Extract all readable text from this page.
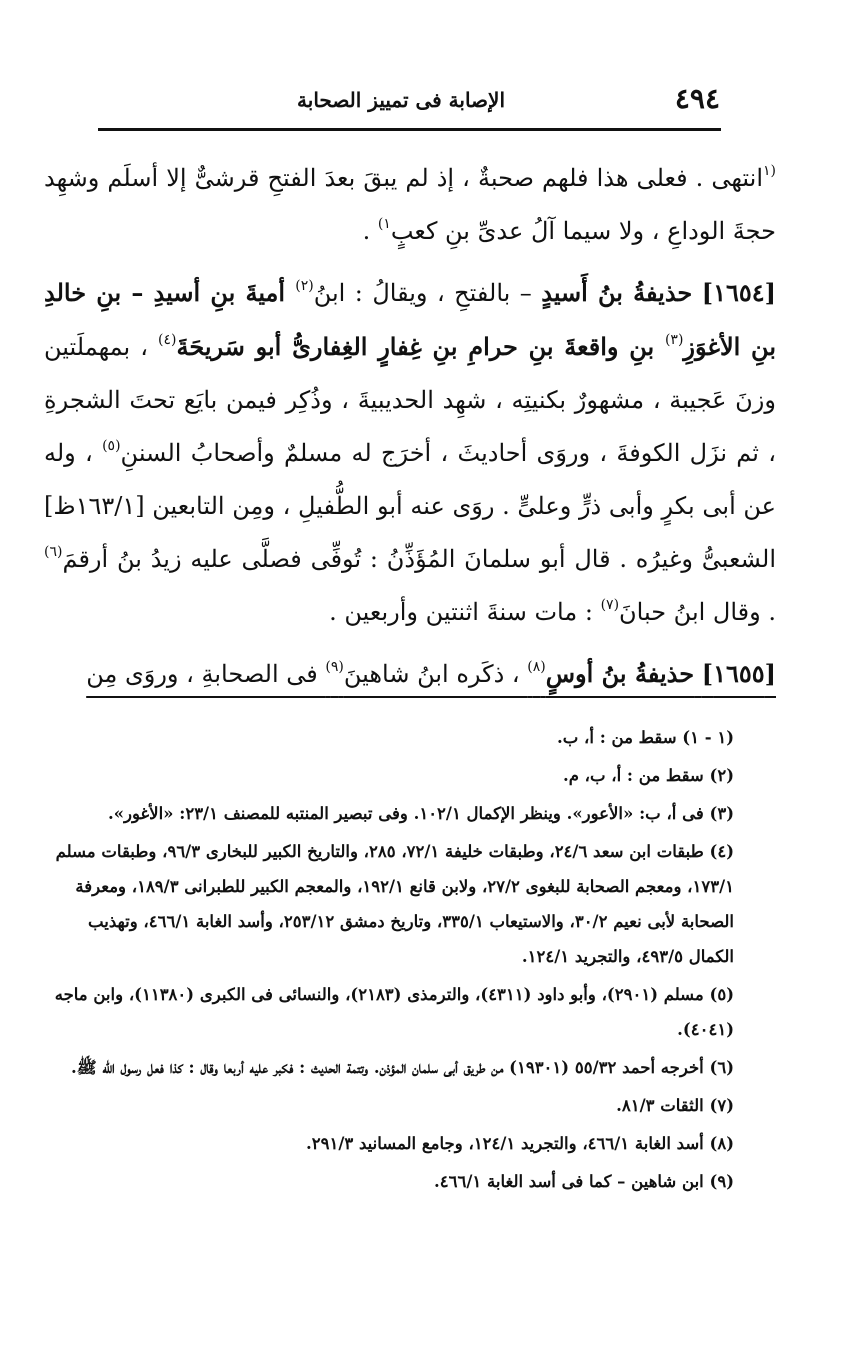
٤٩٤
الإصابة فى تمييز الصحابة

$^{(١}$انتهى . فعلى هذا فلهم صحبةٌ ، إذ لم يبقَ بعدَ الفتحِ قرشىٌّ إلا أسلَم وشهِد حجةَ الوداعِ ، ولا سيما آلُ عدىِّ بنِ كعبٍ$^{١)}$ .

[١٦٥٤] حذيفةُ بنُ أَسيدٍ – بالفتحِ ، ويقالُ : ابنُ$^{(٢)}$ أميةَ بنِ أسيدِ – بنِ خالدِ بنِ الأغوَزِ$^{(٣)}$ بنِ واقعةَ بنِ حرامِ بنِ غِفارٍ الغِفارىُّ أبو سَريحَةَ$^{(٤)}$ ، بمهملَتين وزنَ عَجيبة ، مشهورٌ بكنيتِه ، شهِد الحديبيةَ ، وذُكِر فيمن بايَع تحتَ الشجرةِ ، ثم نزَل الكوفةَ ، وروَى أحاديثَ ، أخرَج له مسلمٌ وأصحابُ السننِ$^{(٥)}$ ، وله عن أبى بكرٍ وأبى ذرٍّ وعلىٍّ . روَى عنه أبو الطُّفيلِ ، ومِن التابعين [١٦٣/١ظ] الشعبىُّ وغيرُه . قال أبو سلمانَ المُؤَذِّنُ : تُوفِّى فصلَّى عليه زيدُ بنُ أرقمَ$^{(٦)}$ . وقال ابنُ حبانَ$^{(٧)}$ : مات سنةَ اثنتين وأربعين .

[١٦٥٥] حذيفةُ بنُ أوسٍ$^{(٨)}$ ، ذكَره ابنُ شاهينَ$^{(٩)}$ فى الصحابةِ ، وروَى مِن

(١ - ١) سقط من : أ، ب.

(٢) سقط من : أ، ب، م.

(٣) فى أ، ب: «الأعور». وينظر الإكمال ١٠٢/١. وفى تبصير المنتبه للمصنف ٢٣/١: «الأغور».

(٤) طبقات ابن سعد ٢٤/٦، وطبقات خليفة ٧٢/١، ٢٨٥، والتاريخ الكبير للبخارى ٩٦/٣، وطبقات مسلم ١٧٣/١، ومعجم الصحابة للبغوى ٢٧/٢، ولابن قانع ١٩٢/١، والمعجم الكبير للطبرانى ١٨٩/٣، ومعرفة الصحابة لأبى نعيم ٣٠/٢، والاستيعاب ٣٣٥/١، وتاريخ دمشق ٢٥٣/١٢، وأسد الغابة ٤٦٦/١، وتهذيب الكمال ٤٩٣/٥، والتجريد ١٢٤/١.

(٥) مسلم (٢٩٠١)، وأبو داود (٤٣١١)، والترمذى (٢١٨٣)، والنسائى فى الكبرى (١١٣٨٠)، وابن ماجه (٤٠٤١).

(٦) أخرجه أحمد ٥٥/٣٢ (١٩٣٠١) من طريق أبى سلمان المؤذن. وتتمة الحديث : فكبر عليه أربعا وقال : كذا فعل رسول الله ﷺ.

(٧) الثقات ٨١/٣.

(٨) أسد الغابة ٤٦٦/١، والتجريد ١٢٤/١، وجامع المسانيد ٢٩١/٣.

(٩) ابن شاهين – كما فى أسد الغابة ٤٦٦/١.
